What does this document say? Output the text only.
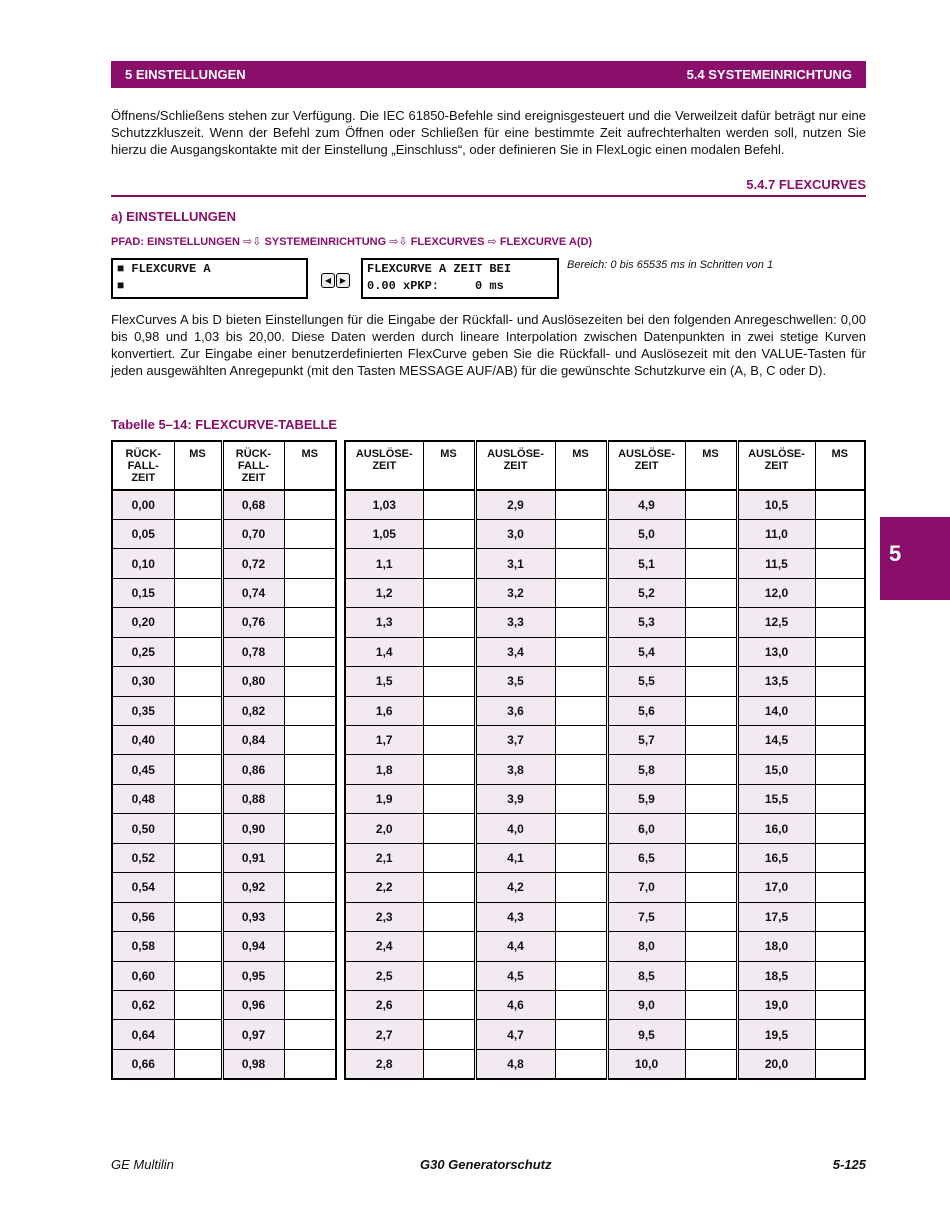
5 EINSTELLUNGEN	5.4 SYSTEMEINRICHTUNG

Öffnens/Schließens stehen zur Verfügung. Die IEC 61850-Befehle sind ereignisgesteuert und die Verweilzeit dafür beträgt nur eine Schutzzkluszeit. Wenn der Befehl zum Öffnen oder Schließen für eine bestimmte Zeit aufrechterhalten werden soll, nutzen Sie hierzu die Ausgangskontakte mit der Einstellung „Einschluss“, oder definieren Sie in FlexLogic einen modalen Befehl.

5.4.7 FLEXCURVES
a) EINSTELLUNGEN
PFAD: EINSTELLUNGEN ⇨⇩ SYSTEMEINRICHTUNG ⇨⇩ FLEXCURVES ⇨ FLEXCURVE A(D)
■ FLEXCURVE A
■	◀ ▶
FLEXCURVE A ZEIT BEI
0.00 xPKP:     0 ms
Bereich: 0 bis 65535 ms in Schritten von 1

FlexCurves A bis D bieten Einstellungen für die Eingabe der Rückfall- und Auslösezeiten bei den folgenden Anregeschwellen: 0,00 bis 0,98 und 1,03 bis 20,00. Diese Daten werden durch lineare Interpolation zwischen Datenpunkten in zwei stetige Kurven konvertiert. Zur Eingabe einer benutzerdefinierten FlexCurve geben Sie die Rückfall- und Auslösezeit mit den VALUE-Tasten für jeden ausgewählten Anregepunkt (mit den Tasten MESSAGE AUF/AB) für die gewünschte Schutzkurve ein (A, B, C oder D).

Tabelle 5–14: FLEXCURVE-TABELLE
RÜCK-
FALL-
ZEIT	MS	RÜCK-
FALL-
ZEIT	MS
0,00		0,68	
0,05		0,70	
0,10		0,72	
0,15		0,74	
0,20		0,76	
0,25		0,78	
0,30		0,80	
0,35		0,82	
0,40		0,84	
0,45		0,86	
0,48		0,88	
0,50		0,90	
0,52		0,91	
0,54		0,92	
0,56		0,93	
0,58		0,94	
0,60		0,95	
0,62		0,96	
0,64		0,97	
0,66		0,98	
AUSLÖSE-
ZEIT	MS	AUSLÖSE-
ZEIT	MS	AUSLÖSE-
ZEIT	MS	AUSLÖSE-
ZEIT	MS
1,03		2,9		4,9		10,5	
1,05		3,0		5,0		11,0	
1,1		3,1		5,1		11,5	
1,2		3,2		5,2		12,0	
1,3		3,3		5,3		12,5	
1,4		3,4		5,4		13,0	
1,5		3,5		5,5		13,5	
1,6		3,6		5,6		14,0	
1,7		3,7		5,7		14,5	
1,8		3,8		5,8		15,0	
1,9		3,9		5,9		15,5	
2,0		4,0		6,0		16,0	
2,1		4,1		6,5		16,5	
2,2		4,2		7,0		17,0	
2,3		4,3		7,5		17,5	
2,4		4,4		8,0		18,0	
2,5		4,5		8,5		18,5	
2,6		4,6		9,0		19,0	
2,7		4,7		9,5		19,5	
2,8		4,8		10,0		20,0	
5
GE Multilin	G30 Generatorschutz	5-125
